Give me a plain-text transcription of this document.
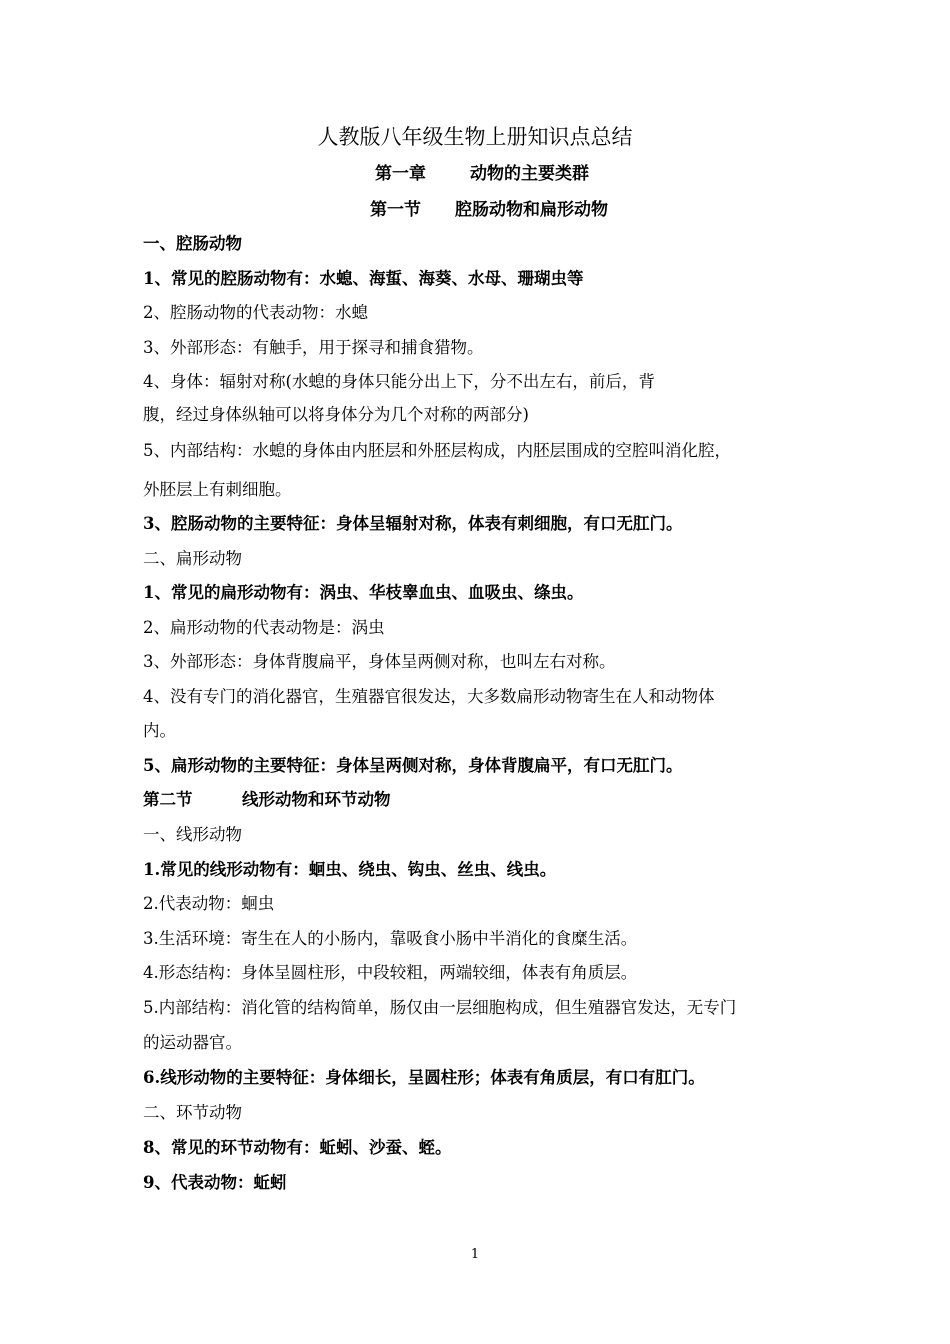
人教版八年级生物上册知识点总结
第一章	动物的主要类群
第一节 腔肠动物和扁形动物
一、腔肠动物
1、常见的腔肠动物有：水螅、海蜇、海葵、水母、珊瑚虫等
2、腔肠动物的代表动物：水螅
3、外部形态：有触手，用于探寻和捕食猎物。
4、身体：辐射对称(水螅的身体只能分出上下，分不出左右，前后，背
腹，经过身体纵轴可以将身体分为几个对称的两部分)
5、内部结构：水螅的身体由内胚层和外胚层构成，内胚层围成的空腔叫消化腔，
外胚层上有刺细胞。
3、腔肠动物的主要特征：身体呈辐射对称，体表有刺细胞，有口无肛门。
二、扁形动物
1、常见的扁形动物有：涡虫、华枝睾血虫、血吸虫、绦虫。
2、扁形动物的代表动物是：涡虫
3、外部形态：身体背腹扁平，身体呈两侧对称，也叫左右对称。
4、没有专门的消化器官，生殖器官很发达，大多数扁形动物寄生在人和动物体
内。
5、扁形动物的主要特征：身体呈两侧对称，身体背腹扁平，有口无肛门。
第二节　　　线形动物和环节动物
一、线形动物
1.常见的线形动物有：蛔虫、绕虫、钩虫、丝虫、线虫。
2.代表动物：蛔虫
3.生活环境：寄生在人的小肠内，靠吸食小肠中半消化的食糜生活。
4.形态结构：身体呈圆柱形，中段较粗，两端较细，体表有角质层。
5.内部结构：消化管的结构简单，肠仅由一层细胞构成，但生殖器官发达，无专门
的运动器官。
6.线形动物的主要特征：身体细长，呈圆柱形；体表有角质层，有口有肛门。
二、环节动物
8、常见的环节动物有：蚯蚓、沙蚕、蛭。
9、代表动物：蚯蚓
1
